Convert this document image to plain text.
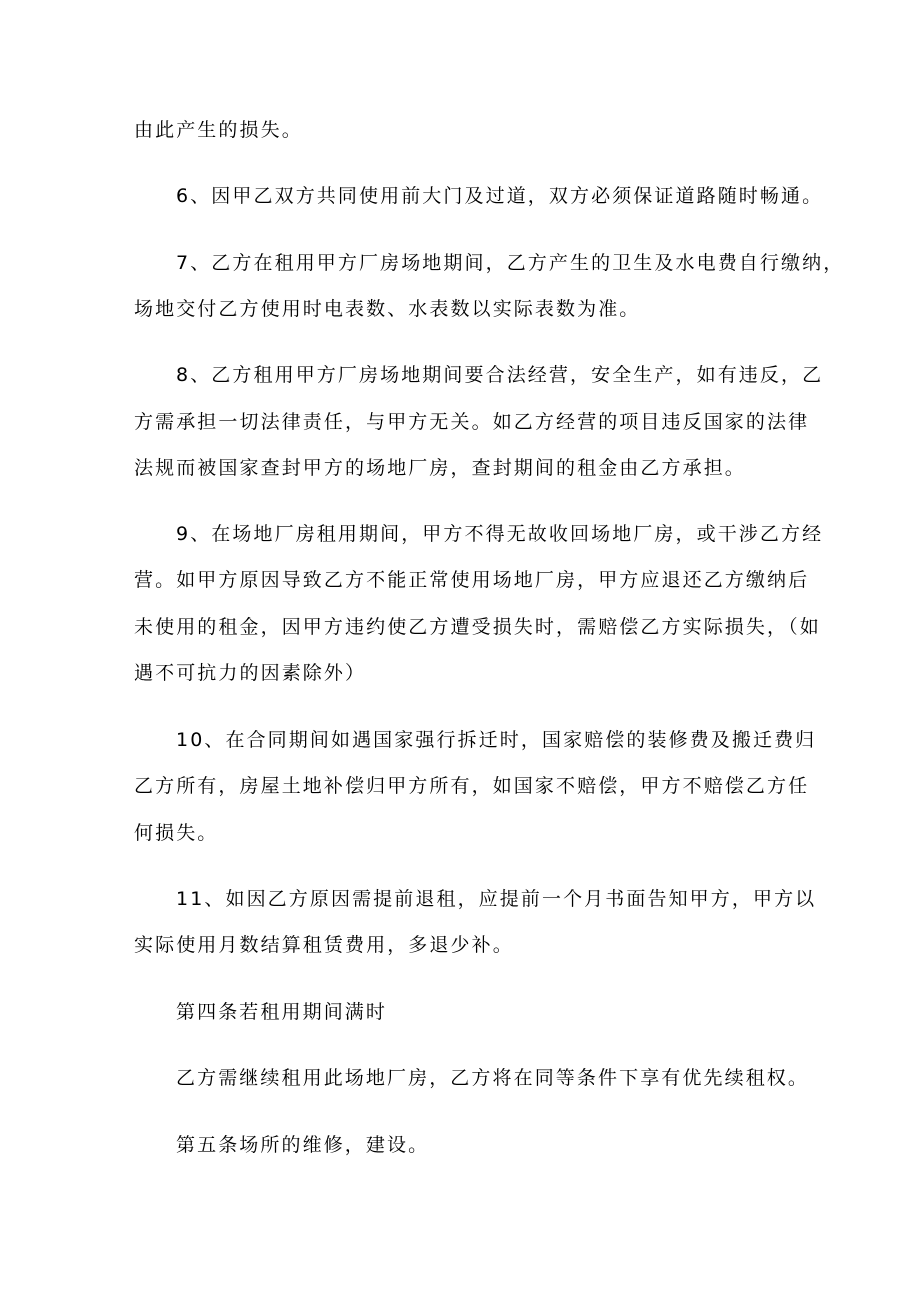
由此产生的损失。
6、因甲乙双方共同使用前大门及过道，双方必须保证道路随时畅通。
7、乙方在租用甲方厂房场地期间，乙方产生的卫生及水电费自行缴纳，
场地交付乙方使用时电表数、水表数以实际表数为准。
8、乙方租用甲方厂房场地期间要合法经营，安全生产，如有违反，乙
方需承担一切法律责任，与甲方无关。如乙方经营的项目违反国家的法律
法规而被国家查封甲方的场地厂房，查封期间的租金由乙方承担。
9、在场地厂房租用期间，甲方不得无故收回场地厂房，或干涉乙方经
营。如甲方原因导致乙方不能正常使用场地厂房，甲方应退还乙方缴纳后
未使用的租金，因甲方违约使乙方遭受损失时，需赔偿乙方实际损失，（如
遇不可抗力的因素除外）
10、在合同期间如遇国家强行拆迁时，国家赔偿的装修费及搬迁费归
乙方所有，房屋土地补偿归甲方所有，如国家不赔偿，甲方不赔偿乙方任
何损失。
11、如因乙方原因需提前退租，应提前一个月书面告知甲方，甲方以
实际使用月数结算租赁费用，多退少补。
第四条若租用期间满时
乙方需继续租用此场地厂房，乙方将在同等条件下享有优先续租权。
第五条场所的维修，建设。
